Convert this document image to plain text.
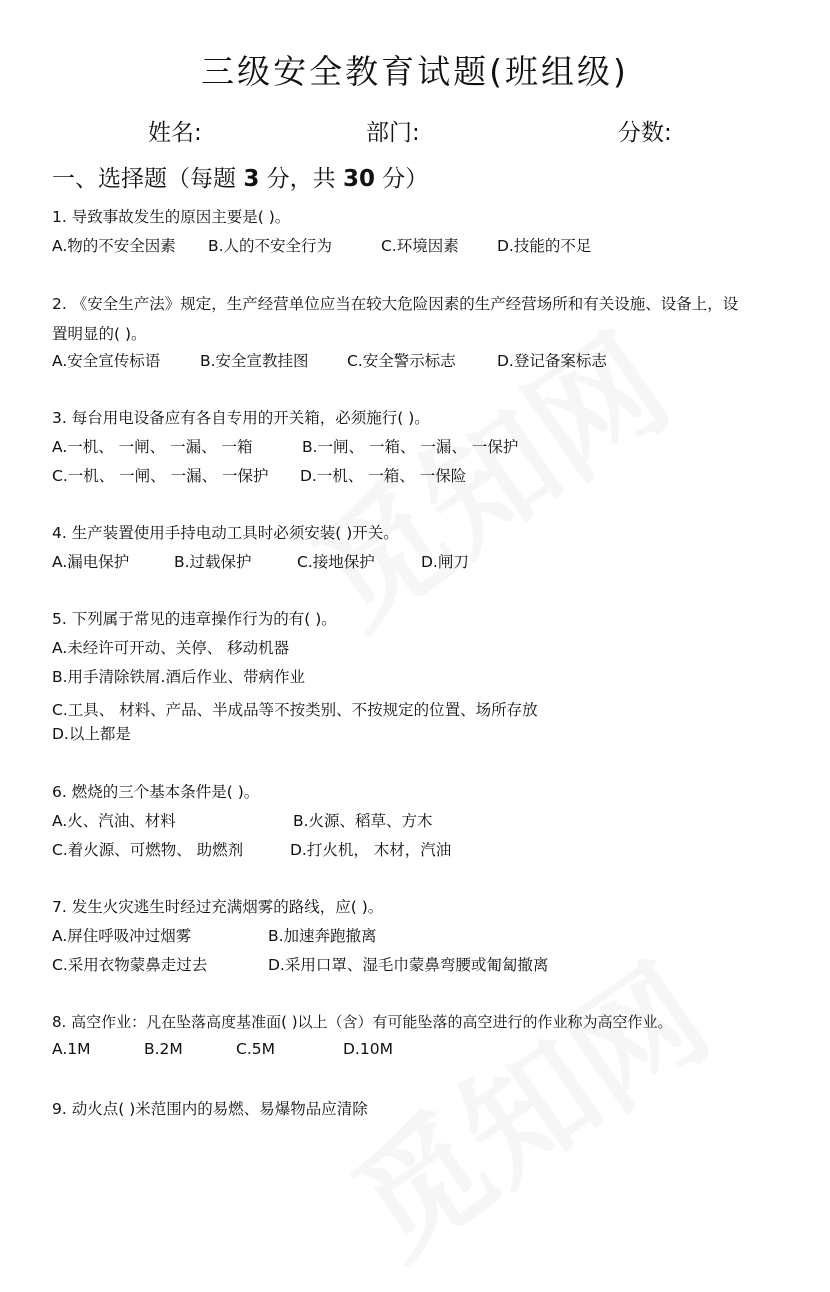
三级安全教育试题(班组级)
姓名:	部门:	分数:
一、选择题（每题 3 分，共 30 分）
1. 导致事故发生的原因主要是( )。
A.物的不安全因素 B.人的不安全行为	C.环境因素 D.技能的不足
2. 《安全生产法》规定，生产经营单位应当在较大危险因素的生产经营场所和有关设施、设备上，设
置明显的( )。
A.安全宣传标语	B.安全宣教挂图 C.安全警示标志	D.登记备案标志
3. 每台用电设备应有各自专用的开关箱，必须施行( )。
A.一机、 一闸、 一漏、 一箱	B.一闸、 一箱、 一漏、 一保护
C.一机、 一闸、 一漏、 一保护 D.一机、 一箱、 一保险
4. 生产装置使用手持电动工具时必须安装( )开关。
A.漏电保护	B.过载保护	C.接地保护	D.闸刀
5. 下列属于常见的违章操作行为的有( )。
A.未经许可开动、关停、 移动机器
B.用手清除铁屑.酒后作业、带病作业
C.工具、 材料、产品、半成品等不按类别、不按规定的位置、场所存放
D.以上都是
6. 燃烧的三个基本条件是( )。
A.火、汽油、材料	B.火源、稻草、方木
C.着火源、可燃物、 助燃剂	D.打火机， 木材，汽油
7. 发生火灾逃生时经过充满烟雾的路线，应( )。
A.屏住呼吸冲过烟雾	B.加速奔跑撤离
C.采用衣物蒙鼻走过去	D.采用口罩、湿毛巾蒙鼻弯腰或匍匐撤离
8. 高空作业：凡在坠落高度基准面( )以上（含）有可能坠落的高空进行的作业称为高空作业。
A.1M	B.2M	C.5M	D.10M
9. 动火点( )米范围内的易燃、易爆物品应清除
